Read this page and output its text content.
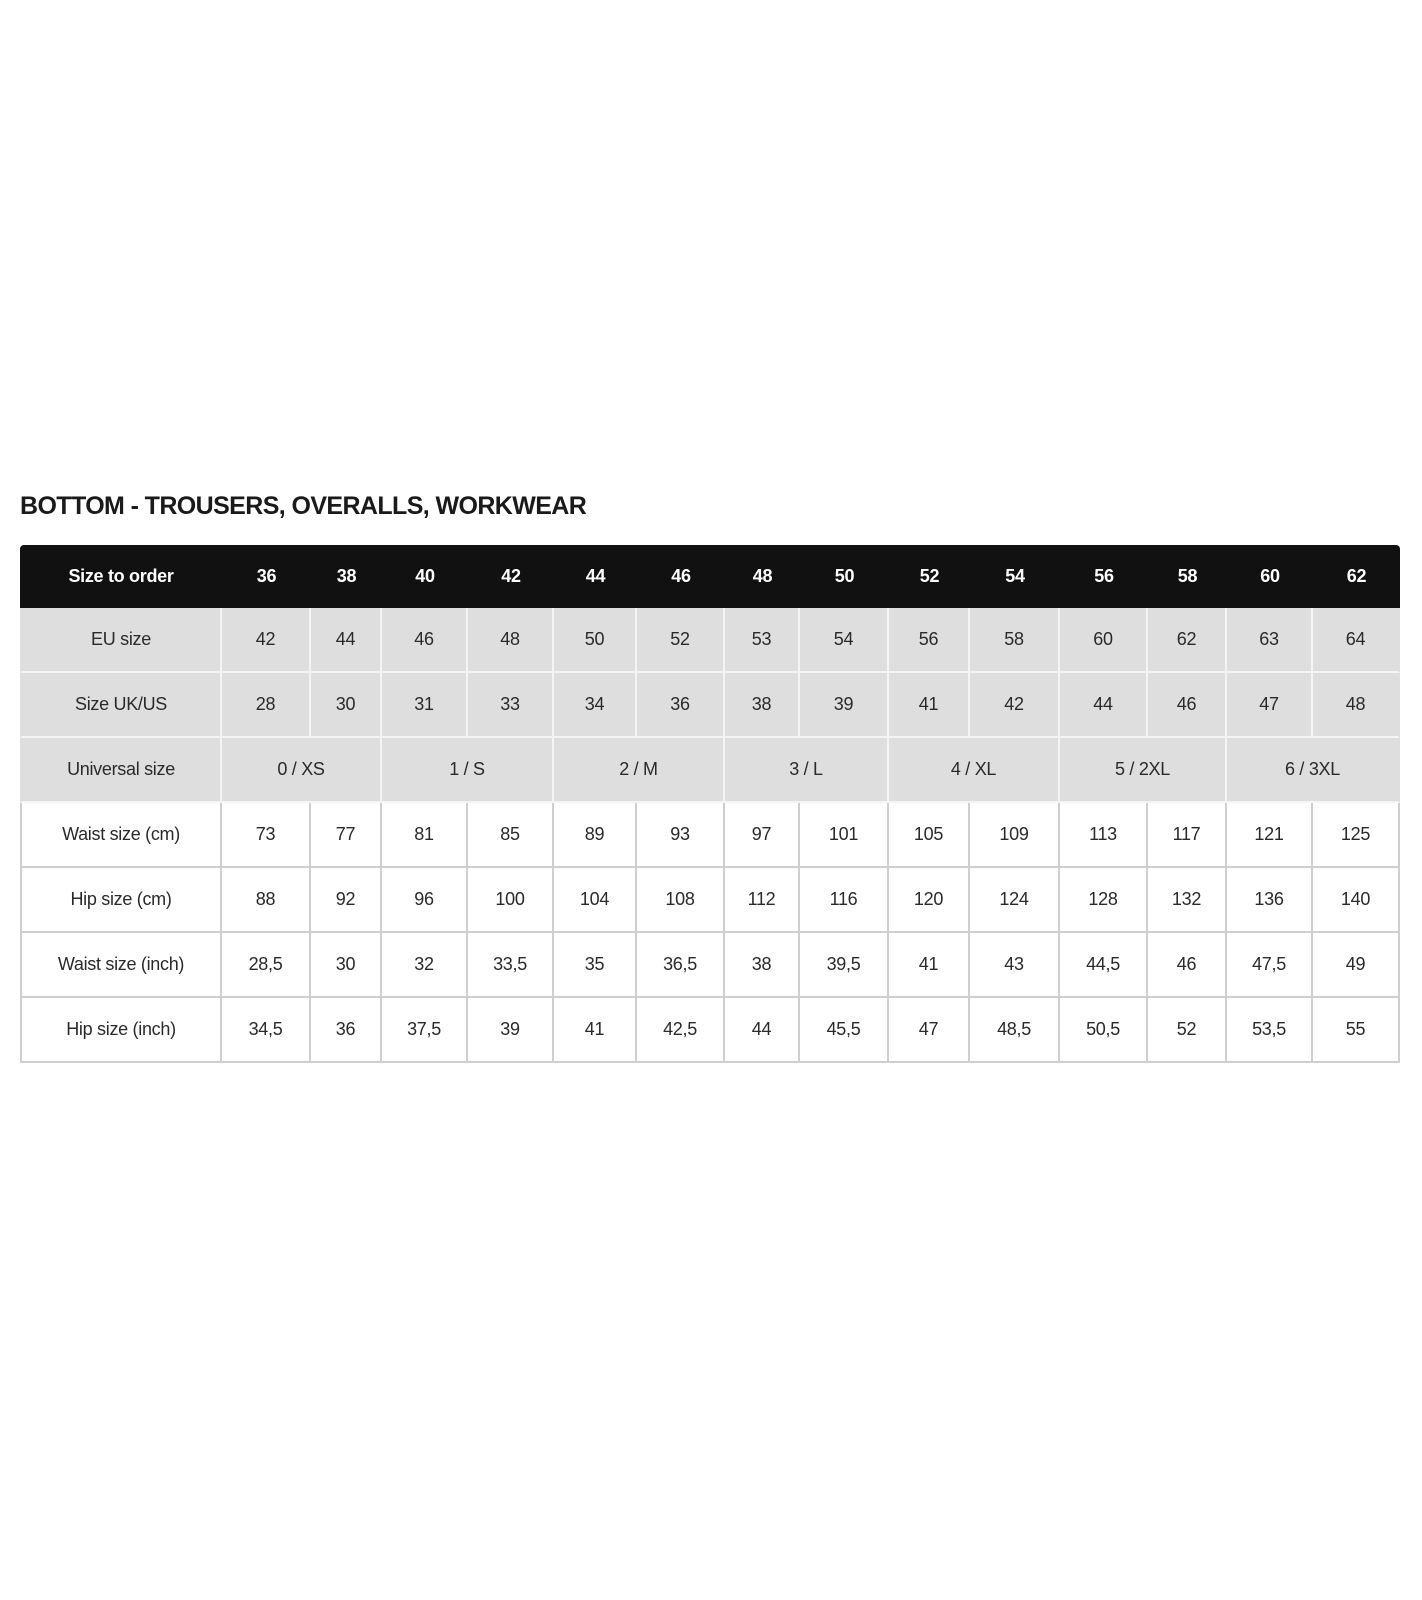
BOTTOM - TROUSERS, OVERALLS, WORKWEAR
Size to order	36	38	40	42	44	46	48	50	52	54	56	58	60	62
EU size	42	44	46	48	50	52	53	54	56	58	60	62	63	64
Size UK/US	28	30	31	33	34	36	38	39	41	42	44	46	47	48
Universal size	0 / XS		1 / S		2 / M		3 / L		4 / XL		5 / 2XL		6 / 3XL	
Waist size (cm)	73	77	81	85	89	93	97	101	105	109	113	117	121	125
Hip size (cm)	88	92	96	100	104	108	112	116	120	124	128	132	136	140
Waist size (inch)	28,5	30	32	33,5	35	36,5	38	39,5	41	43	44,5	46	47,5	49
Hip size (inch)	34,5	36	37,5	39	41	42,5	44	45,5	47	48,5	50,5	52	53,5	55
